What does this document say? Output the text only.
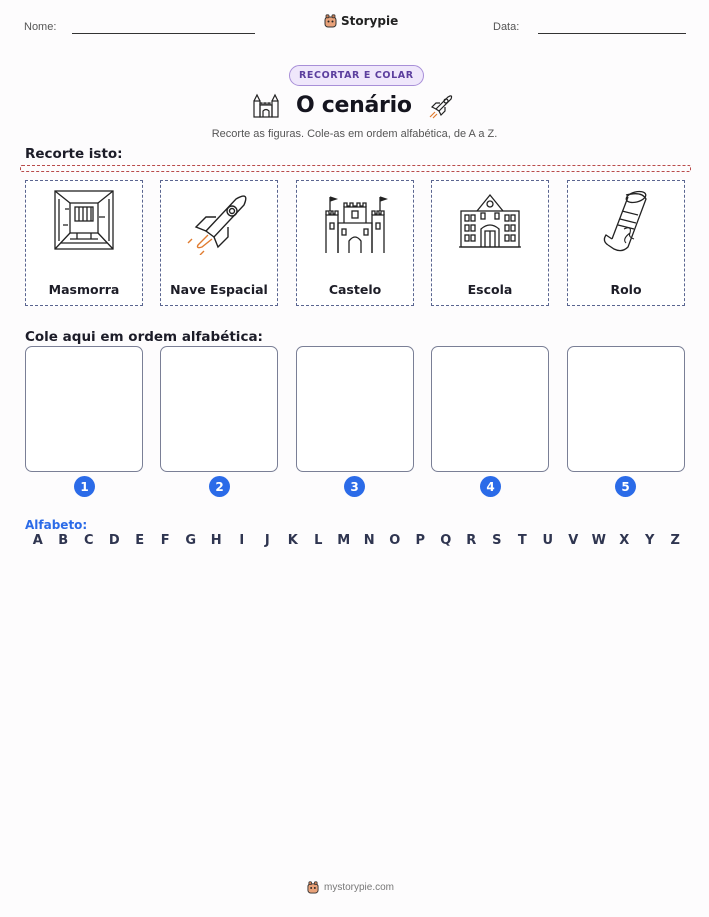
Nome:	Storypie	Data:
RECORTAR E COLAR
O cenário
Recorte as figuras. Cole-as em ordem alfabética, de A a Z.
Recorte isto:
Masmorra	Nave Espacial	Castelo	Escola	Rolo
Cole aqui em ordem alfabética:
1	2	3	4	5
Alfabeto:
A	B	C	D	E	F	G	H	I	J	K	L	M	N	O	P	Q	R	S	T	U	V	W	X	Y	Z
mystorypie.com
